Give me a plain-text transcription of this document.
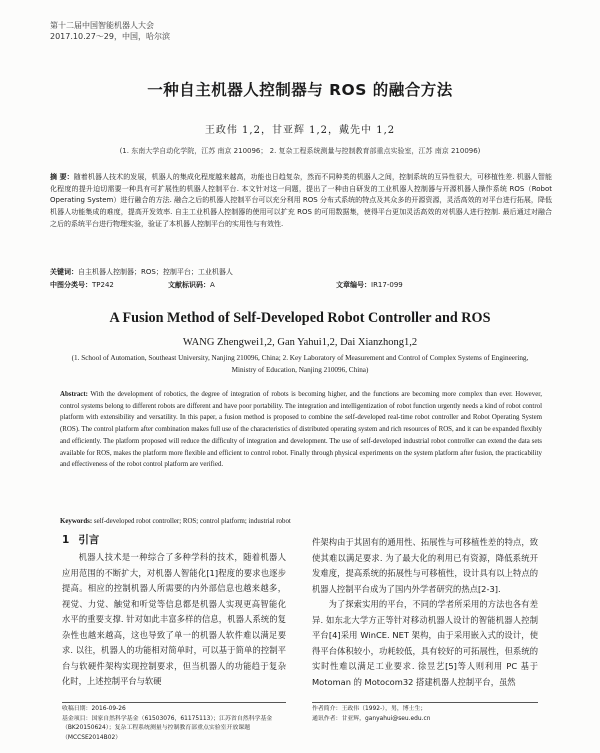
第十二届中国智能机器人大会
2017.10.27～29，中国，哈尔滨
一种自主机器人控制器与 ROS 的融合方法
王政伟 1,2，甘亚辉 1,2，戴先中 1,2
(1. 东南大学自动化学院，江苏 南京 210096； 2. 复杂工程系统测量与控制教育部重点实验室，江苏 南京 210096)
摘 要：随着机器人技术的发展，机器人的集成化程度越来越高，功能也日趋复杂，然而不同种类的机器人之间，控制系统的互异性很大，可移植性差. 机器人智能化程度的提升迫切需要一种具有可扩展性的机器人控制平台. 本文针对这一问题，提出了一种由自研发的工业机器人控制器与开源机器人操作系统 ROS（Robot Operating System）进行融合的方法. 融合之后的机器人控制平台可以充分利用 ROS 分布式系统的特点及其众多的开源资源，灵活高效的对平台进行拓展，降低机器人功能集成的难度，提高开发效率. 自主工业机器人控制器的使用可以扩充 ROS 的可用数据集，使得平台更加灵活高效的对机器人进行控制. 最后通过对融合之后的系统平台进行物理实验，验证了本机器人控制平台的实用性与有效性.
关键词：自主机器人控制器；ROS；控制平台；工业机器人
中图分类号：TP242	文献标识码：A	文章编号：IR17-099
A Fusion Method of Self-Developed Robot Controller and ROS
WANG Zhengwei1,2, Gan Yahui1,2, Dai Xianzhong1,2
(1. School of Automation, Southeast University, Nanjing 210096, China; 2. Key Laboratory of Measurement and Control of Complex Systems of Engineering, Ministry of Education, Nanjing 210096, China)
Abstract: With the development of robotics, the degree of integration of robots is becoming higher, and the functions are becoming more complex than ever. However, control systems belong to different robots are different and have poor portability. The integration and intelligentization of robot function urgently needs a kind of robot control platform with extensibility and versatility. In this paper, a fusion method is proposed to combine the self-developed real-time robot controller and Robot Operating System (ROS). The control platform after combination makes full use of the characteristics of distributed operating system and rich resources of ROS, and it can be expanded flexibly and efficiently. The platform proposed will reduce the difficulty of integration and development. The use of self-developed industrial robot controller can extend the data sets available for ROS, makes the platform more flexible and efficient to control robot. Finally through physical experiments on the system platform after fusion, the practicability and effectiveness of the robot control platform are verified.
Keywords: self-developed robot controller; ROS; control platform; industrial robot
1 引言

机器人技术是一种综合了多种学科的技术，随着机器人应用范围的不断扩大，对机器人智能化[1]程度的要求也逐步提高。相应的控制机器人所需要的内外部信息也越来越多，视觉、力觉、触觉和听觉等信息都是机器人实现更高智能化水平的重要支撑. 针对如此丰富多样的信息，机器人系统的复杂性也越来越高，这也导致了单一的机器人软件难以满足要求. 以往，机器人的功能相对简单时，可以基于简单的控制平台与软硬件架构实现控制要求，但当机器人的功能趋于复杂化时，上述控制平台与软硬

件架构由于其固有的通用性、拓展性与可移植性差的特点，致使其难以满足要求. 为了最大化的利用已有资源，降低系统开发难度，提高系统的拓展性与可移植性，设计具有以上特点的机器人控制平台成为了国内外学者研究的热点[2-3].

为了探索实用的平台，不同的学者所采用的方法也各有差异. 如东北大学方正等针对移动机器人设计的智能机器人控制平台[4]采用 WinCE. NET 架构，由于采用嵌入式的设计，使得平台体积较小，功耗较低，具有较好的可拓展性，但系统的实时性难以满足工业要求. 徐昱艺[5]等人则利用 PC 基于 Motoman 的 Motocom32 搭建机器人控制平台，虽然

收稿日期：2016-09-26
基金项目：国家自然科学基金（61503076，61175113）；江苏省自然科学基金（BK20150624）；复杂工程系统测量与控制教育部重点实验室开放课题（MCCSE2014B02）
作者简介：王政伟（1992-），男，博士生；
通讯作者：甘亚辉，ganyahui@seu.edu.cn
